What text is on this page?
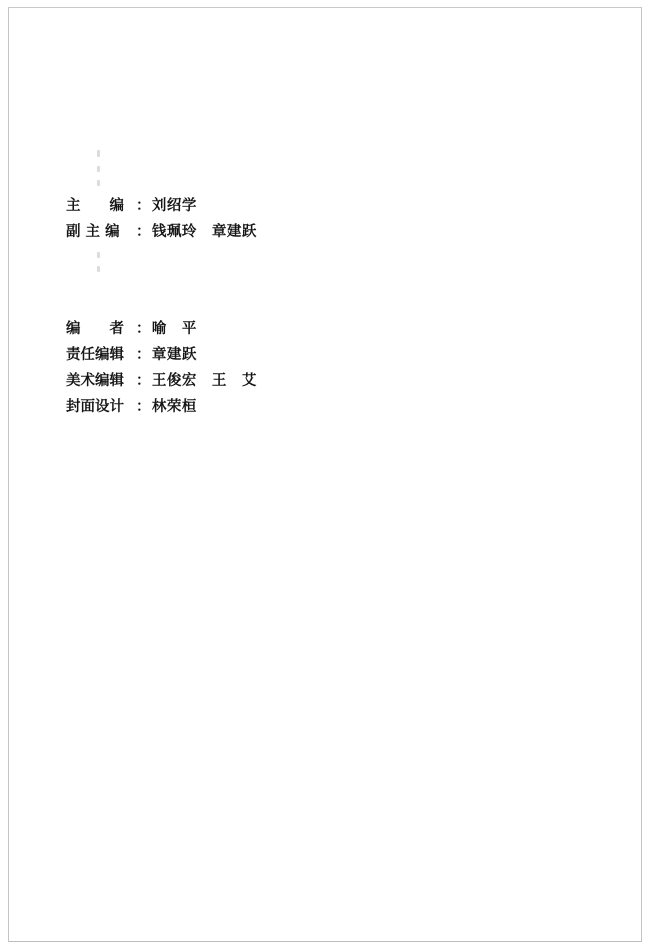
主　　编 ： 刘绍学
副 主 编	： 钱珮玲　章建跃
编　　者 ： 喻　平
责任编辑 ： 章建跃
美术编辑 ： 王俊宏　王　艾
封面设计 ： 林荣桓
